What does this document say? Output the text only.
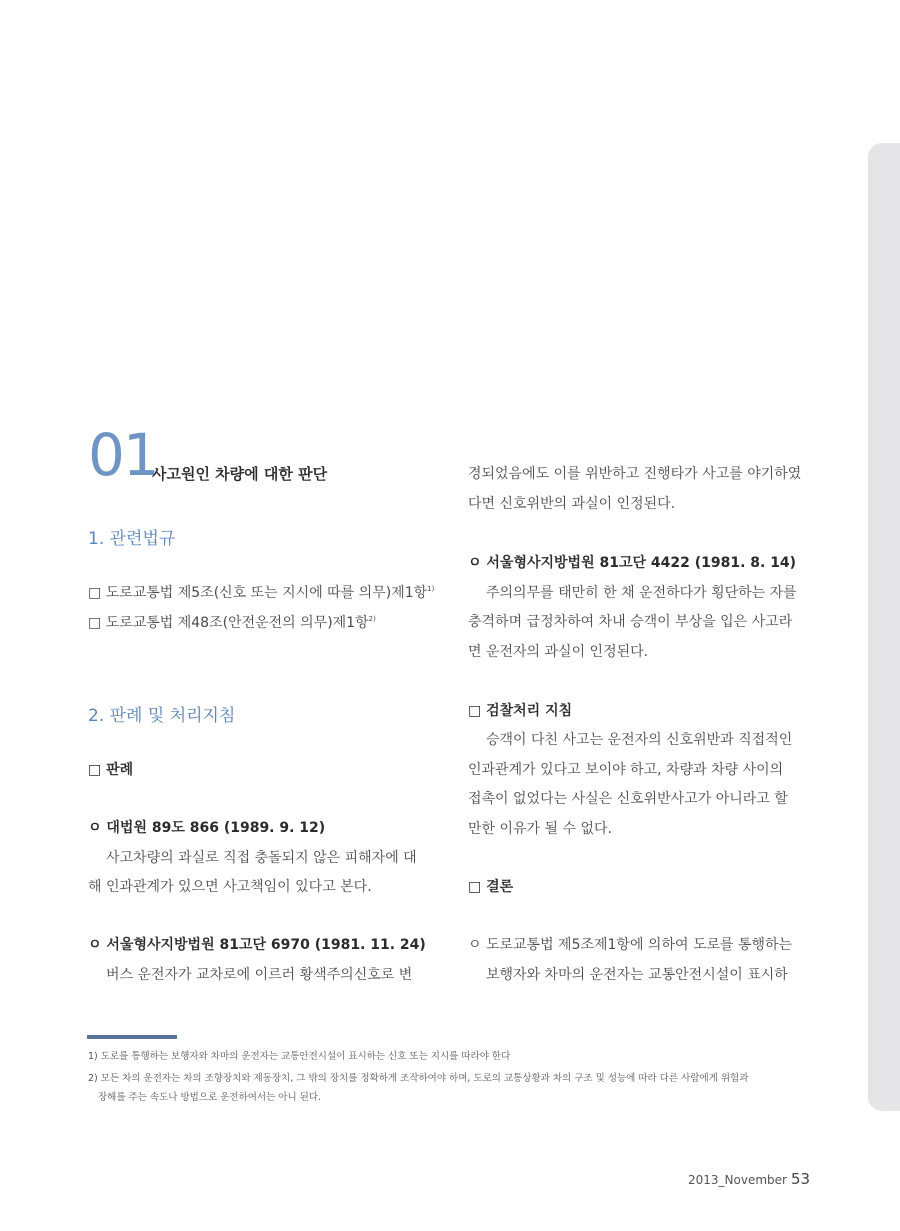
01
사고원인 차량에 대한 판단
1. 관련법규
□ 도로교통법 제5조(신호 또는 지시에 따를 의무)제1항$^{1)}$
□ 도로교통법 제48조(안전운전의 의무)제1항$^{2)}$
2. 판례 및 처리지침
□ 판례
ㅇ 대법원 89도 866 (1989. 9. 12)
사고차량의 과실로 직접 충돌되지 않은 피해자에 대
해 인과관계가 있으면 사고책임이 있다고 본다.
ㅇ 서울형사지방법원 81고단 6970 (1981. 11. 24)
버스 운전자가 교차로에 이르러 황색주의신호로 변
경되었음에도 이를 위반하고 진행타가 사고를 야기하였
다면 신호위반의 과실이 인정된다.
ㅇ 서울형사지방법원 81고단 4422 (1981. 8. 14)
주의의무를 태만히 한 채 운전하다가 횡단하는 자를
충격하며 급정차하여 차내 승객이 부상을 입은 사고라
면 운전자의 과실이 인정된다.
□ 검찰처리 지침
승객이 다친 사고는 운전자의 신호위반과 직접적인
인과관계가 있다고 보이야 하고, 차량과 차량 사이의
접촉이 없었다는 사실은 신호위반사고가 아니라고 할
만한 이유가 될 수 없다.
□ 결론
ㅇ 도로교통법 제5조제1항에 의하여 도로를 통행하는
보행자와 차마의 운전자는 교통안전시설이 표시하
1) 도로를 통행하는 보행자와 차마의 운전자는 교통안전시설이 표시하는 신호 또는 지시를 따라야 한다
2) 모든 차의 운전자는 차의 조향장치와 제동장치, 그 밖의 장치를 정확하게 조작하여야 하며, 도로의 교통상황과 차의 구조 및 성능에 따라 다른 사람에게 위험과
장해를 주는 속도나 방법으로 운전하여서는 아니 된다.
2013_November 53
